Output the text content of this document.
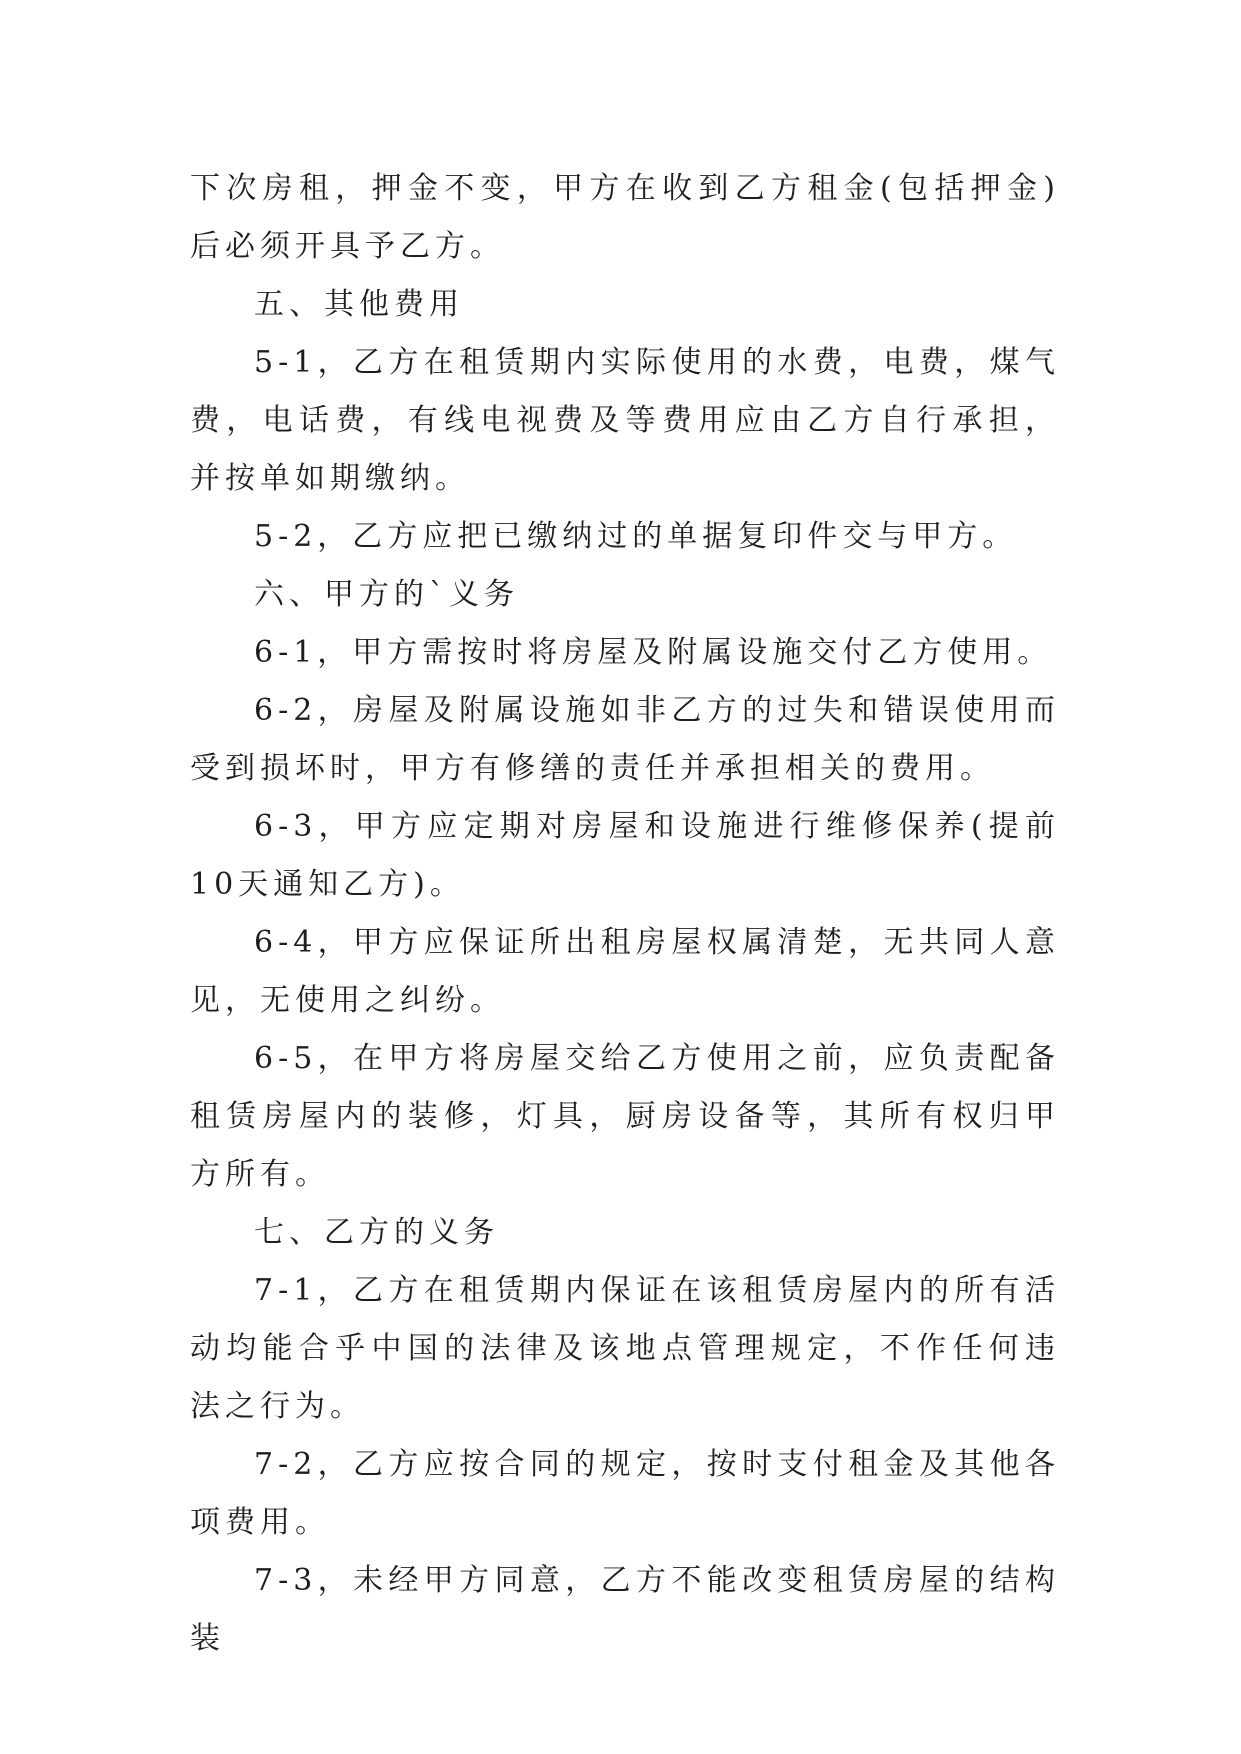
下次房租，押金不变，甲方在收到乙方租金(包括押金)后必须开具予乙方。

五、其他费用

5-1，乙方在租赁期内实际使用的水费，电费，煤气费，电话费，有线电视费及等费用应由乙方自行承担，并按单如期缴纳。

5-2，乙方应把已缴纳过的单据复印件交与甲方。

六、甲方的`义务

6-1，甲方需按时将房屋及附属设施交付乙方使用。

6-2，房屋及附属设施如非乙方的过失和错误使用而受到损坏时，甲方有修缮的责任并承担相关的费用。

6-3，甲方应定期对房屋和设施进行维修保养(提前10天通知乙方)。

6-4，甲方应保证所出租房屋权属清楚，无共同人意见，无使用之纠纷。

6-5，在甲方将房屋交给乙方使用之前，应负责配备租赁房屋内的装修，灯具，厨房设备等，其所有权归甲方所有。

七、乙方的义务

7-1，乙方在租赁期内保证在该租赁房屋内的所有活动均能合乎中国的法律及该地点管理规定，不作任何违法之行为。

7-2，乙方应按合同的规定，按时支付租金及其他各项费用。

7-3，未经甲方同意，乙方不能改变租赁房屋的结构装
